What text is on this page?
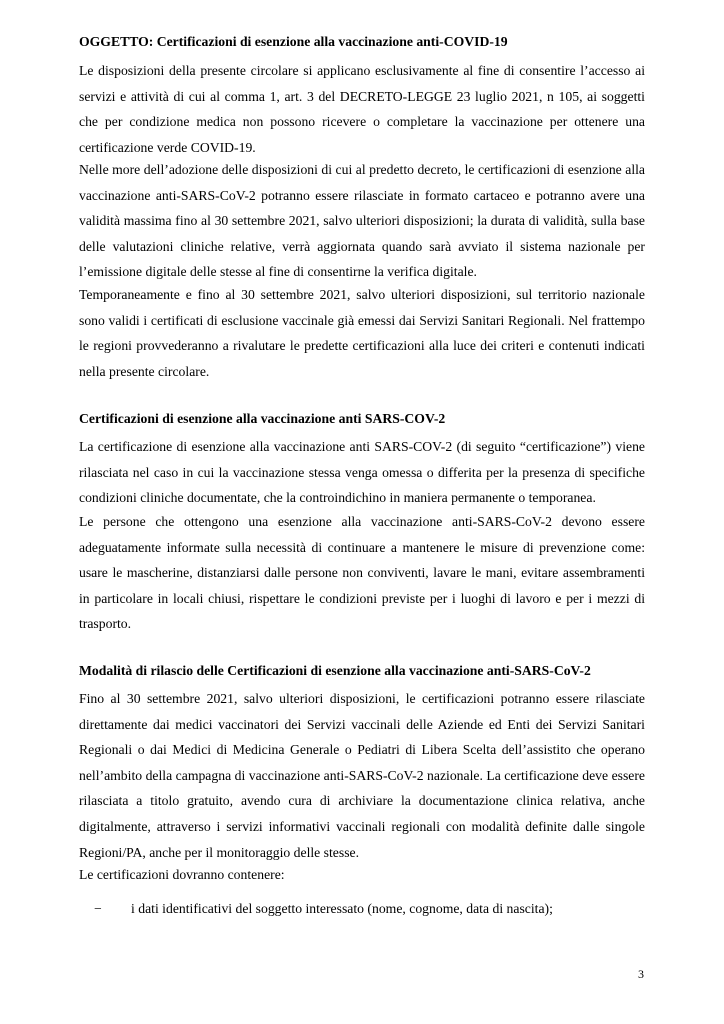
OGGETTO: Certificazioni di esenzione alla vaccinazione anti-COVID-19

Le disposizioni della presente circolare si applicano esclusivamente al fine di consentire l’accesso ai servizi e attività di cui al comma 1, art. 3 del DECRETO-LEGGE 23 luglio 2021, n 105, ai soggetti che per condizione medica non possono ricevere o completare la vaccinazione per ottenere una certificazione verde COVID-19.

Nelle more dell’adozione delle disposizioni di cui al predetto decreto, le certificazioni di esenzione alla vaccinazione anti-SARS-CoV-2 potranno essere rilasciate in formato cartaceo e potranno avere una validità massima fino al 30 settembre 2021, salvo ulteriori disposizioni; la durata di validità, sulla base delle valutazioni cliniche relative, verrà aggiornata quando sarà avviato il sistema nazionale per l’emissione digitale delle stesse al fine di consentirne la verifica digitale.

Temporaneamente e fino al 30 settembre 2021, salvo ulteriori disposizioni, sul territorio nazionale sono validi i certificati di esclusione vaccinale già emessi dai Servizi Sanitari Regionali. Nel frattempo le regioni provvederanno a rivalutare le predette certificazioni alla luce dei criteri e contenuti indicati nella presente circolare.

Certificazioni di esenzione alla vaccinazione anti SARS-COV-2

La certificazione di esenzione alla vaccinazione anti SARS-COV-2 (di seguito “certificazione”) viene rilasciata nel caso in cui la vaccinazione stessa venga omessa o differita per la presenza di specifiche condizioni cliniche documentate, che la controindichino in maniera permanente o temporanea.

Le persone che ottengono una esenzione alla vaccinazione anti-SARS-CoV-2 devono essere adeguatamente informate sulla necessità di continuare a mantenere le misure di prevenzione come: usare le mascherine, distanziarsi dalle persone non conviventi, lavare le mani, evitare assembramenti in particolare in locali chiusi, rispettare le condizioni previste per i luoghi di lavoro e per i mezzi di trasporto.

Modalità di rilascio delle Certificazioni di esenzione alla vaccinazione anti-SARS-CoV-2

Fino al 30 settembre 2021, salvo ulteriori disposizioni, le certificazioni potranno essere rilasciate direttamente dai medici vaccinatori dei Servizi vaccinali delle Aziende ed Enti dei Servizi Sanitari Regionali o dai Medici di Medicina Generale o Pediatri di Libera Scelta dell’assistito che operano nell’ambito della campagna di vaccinazione anti-SARS-CoV-2 nazionale. La certificazione deve essere rilasciata a titolo gratuito, avendo cura di archiviare la documentazione clinica relativa, anche digitalmente, attraverso i servizi informativi vaccinali regionali con modalità definite dalle singole Regioni/PA, anche per il monitoraggio delle stesse.

Le certificazioni dovranno contenere:

− i dati identificativi del soggetto interessato (nome, cognome, data di nascita);
3
